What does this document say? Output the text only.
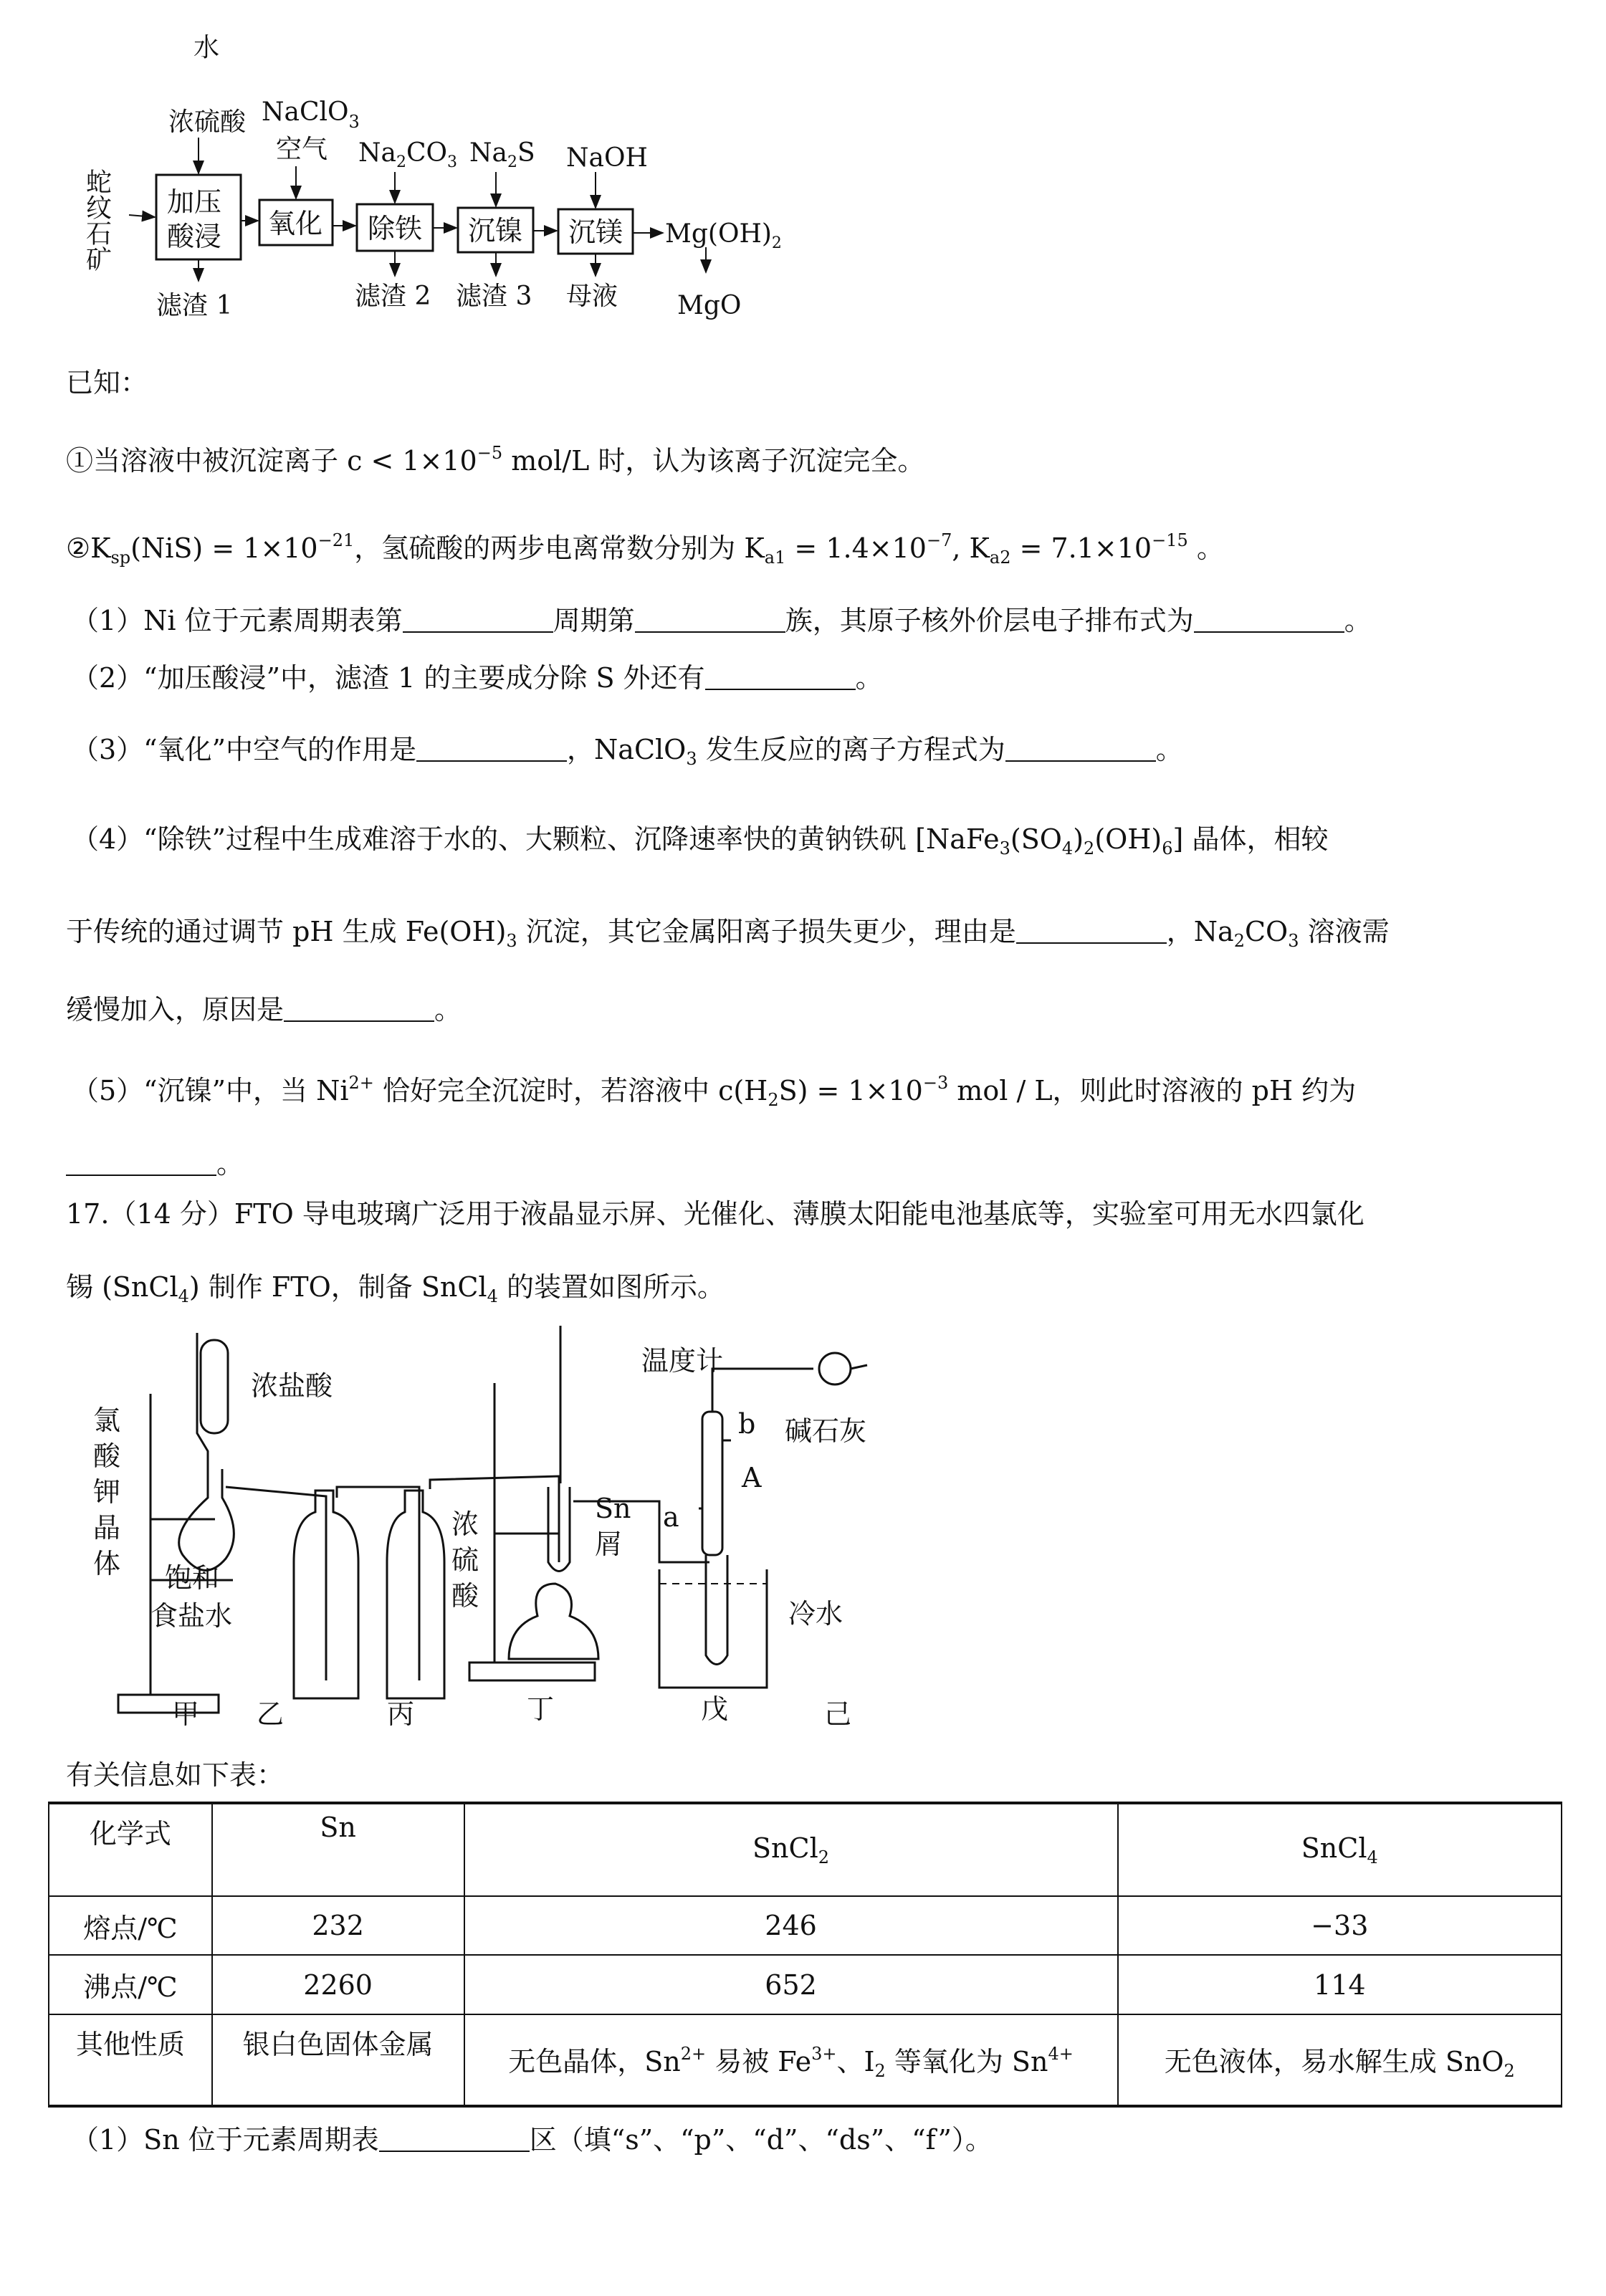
蛇纹石矿
水
浓硫酸 NaClO$_3$
空气 $Na_2CO_3$ $Na_2S$ NaOH
加压
酸浸 氧化 除铁 沉镍 沉镁
滤渣 1	滤渣 2 滤渣 3 母液
$Mg(OH)_2$
MgO
已知：
①当溶液中被沉淀离子 $c < 1\times 10^{-5}$ mol/L 时，认为该离子沉淀完全。
$②K_{sp}(NiS) = 1\times 10^{-21}$，氢硫酸的两步电离常数分别为 $K_{a1} = 1.4\times 10^{-7}$, $K_{a2} = 7.1\times 10^{-15}$ 。
（1）Ni 位于元素周期表第	周期第	族，其原子核外价层电子排布式为	。
（2）“加压酸浸”中，滤渣 1 的主要成分除 S 外还有	。
（3）“氧化”中空气的作用是	，NaClO$_3$ 发生反应的离子方程式为	。
（4）“除铁”过程中生成难溶于水的、大颗粒、沉降速率快的黄钠铁矾 $[NaFe_3(SO_4)_2(OH)_6]$ 晶体，相较
于传统的通过调节 pH 生成 $Fe(OH)_3$ 沉淀，其它金属阳离子损失更少，理由是	，$Na_2CO_3$ 溶液需
缓慢加入，原因是	。
（5）“沉镍”中，当 $Ni^{2+}$ 恰好完全沉淀时，若溶液中 $c(H_2S) = 1\times 10^{-3}$ mol / L，则此时溶液的 pH 约为
。
17.（14 分）FTO 导电玻璃广泛用于液晶显示屏、光催化、薄膜太阳能电池基底等，实验室可用无水四氯化
锡 (SnCl$_4$) 制作 FTO，制备 SnCl$_4$ 的装置如图所示。
有关信息如下表：
（1）Sn 位于元素周期表	区（填“s”、“p”、“d”、“ds”、“f”）。
浓盐酸
温度计
碱石灰
b
A
a
Sn
屑
冷水
饱和
食盐水
浓
硫
酸
氯
酸
钾
晶
体
甲 乙	丙	丁	戊	己
化学式	Sn	SnCl$_2$	SnCl$_4$
熔点/℃	232	246	−33
沸点/℃	2260	652	114
其他性质	银白色固体金属	无色晶体，$Sn^{2+}$ 易被 $Fe^{3+}$、$I_2$ 等氧化为 $Sn^{4+}$	无色液体，易水解生成 SnO$_2$
